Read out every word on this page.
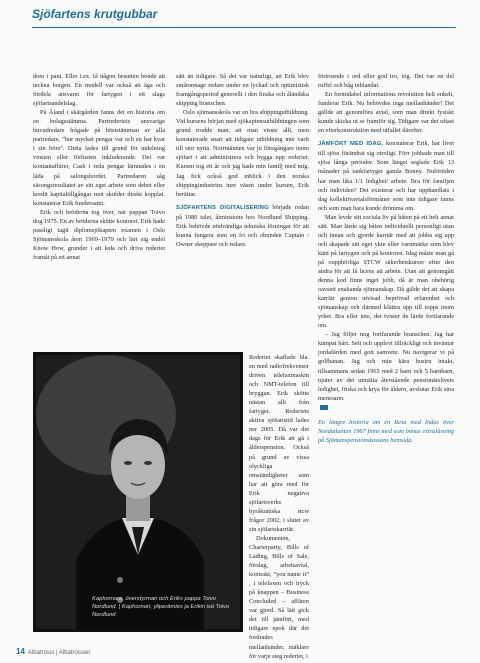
Sjöfartens krutgubbar

dom i pant. Eller t.ex. få någon besutten bonde att teckna borgen. En modell var också att äga och fördela ansvaret för fartygen i ett slags sjöfartsandelslag.

På Åland i skärgården fanns det en historia om en bolagsstämma. Partrederiets ansvarige huvudredare frågade på höststämman av alla partredare, ”hur mycket pengar var och en har kvar i sin börs”. Detta lades till grund för utdelning vinsten eller förlusten inkluderande. Det var kontantaffärer, Cash i reda pengar lämnades i en låda på salongsbordet. Partredaren såg säsongsresultatet av sitt eget arbete som debet eller kredit kapitaltillgångar mot skulder direkt kopplat. konstaterar Erik fundersamt.

Erik och bröderna tog över, när pappan Toivo dog 1975. En av bröderna skötte kontoret. Erik hade passligt tagit diplomsjökapten examen i Oslo Sjömansskola åren 1969–1970 och lärt sig endel Know How, grunder i att leda och driva rederiet framåt på ett annat

sätt än tidigare. Så det var naturligt, att Erik blev småtonnage redare under en lyckad och optimistisk framgångsperiod generellt i den finska och åländska shipping branschen.

Oslo sjömansskola var en bra shippingutbildning. Vid kursens början med sjökaptensutbildningen som grund trodde man, att man visste allt, men konstaterade snart att tidigare utbildning inte varit till stor nytta. Norrmännen var ju föregångare inom sjöfart i att administrera och bygga upp rederier. Kursen tog ett år och jag hade min familj med mig. Jag fick också god inblick i den norska shippingindustrins inre väsen under kursen, Erik berättar.

SJÖFARTENS DIGITALISERING började redan på 1980 talet, åtminstone hos Nordlund Shipping. Erik behövde nödvändiga tekniska lösningar för att kunna fungera som en fri och obunden Captain / Owner skeppare och redare.

Rederiet skaffade bla. en med radiofrekvenser driven telefaxmaskin och NMT-telefon till bryggan. Erik skötte nästan allt från fartyget. Rederiets aktiva sjöfartstid lades ner 2005. Då var det dags för Erik att gå i ålderspension. Också på grund av vissa olyckliga omständigheter som har att göra med för Erik negativa sjöfartsverks byråkratiska stcw frågor 2002, i slutet av sin sjöfartskarriär.

Dokumenten, Charterparty, Bills of Lading, Bills of Sale, förslag, arbetsavtal, kontrakt, ”you name it” , i telefaxen och tryck på knappen – Business Concluded – affären var gjord. Så lätt gick det till jämfört, med tidigare epok där det fordrades mellanhänder, mäklare för varje steg rederiet, i

förtroende i ord eller god tro, tog. Det var en del ruffel och båg inblandat.

En formidabel informations revolution helt enkelt, funderar Erik. Nu behövdes inga mellanhänder! Det gällde att genomföra avtal, som man direkt fysiskt kunde skicka ut se framför sig. Tidigare var det oftast en efterkonstruktion med utfallet därefter.

JÄMFÖRT MED IDAG, konstaterar Erik, har livet till sjöss förändrat sig otroligt. Förr jobbade man till sjöss långa perioder. Som längst seglade Erik 13 månader på tankfartyget gamla Bonny. Nuförtiden har man lika 1/1 ledighet/ arbete. Bra för familjen och individen? Det existerar och har upphandlats i dag kollektivavtalsförmåner som inte tidigare fanns och som man bara kunde drömma om.

Man levde sitt sociala liv på båten på ett helt annat sätt. Man lärde sig båten individuellt personligt utan och innan och gjorde karriär med att jobba sig upp och skapade sitt eget ykte eller varumärke som blev känt på fartygen och på kontoren. Idag måste man gå på oupphörliga STCW säkerhetskurser efter den andra för att få licens att arbete. Utan att genomgått denna kod finns inget jobb, då är man obehörig oavsett enahanda sjömanskap. Då gälde det att skapa karriär genom utvisad beprövad erfarenhet och sjömanskap och därmed klättra upp till topps inom yrket. Bra eller inte, det tvister de lärde fortfarande om.

– Jag följer nog fortfarande branschen. Jag har kämpat hårt. Sett och upplevt tillräckligt och inväntar jordafärden med gott samvete. Nu navigerar vi på golfbanan. Jag och min kära hustru intakt, tillsammans sedan 1965 med 2 barn och 5 barnbarn, njuter av det utmätta återstående pensionärslivets ledighet, friska och krya för åldern, avslutar Erik sina memoarer.

En längre historia om en Resa med Indus över Nordatlanten 1967 finns med som bonus extraläsning på Sjömanspensionskassans hemsida.

Kaphornare, överstyrman och Eriks pappa Toivo Nordlund. | Kaphornari, yliperämies ja Erikin isä Toivo Nordlund
14 Albatrossi | Albatrossen
